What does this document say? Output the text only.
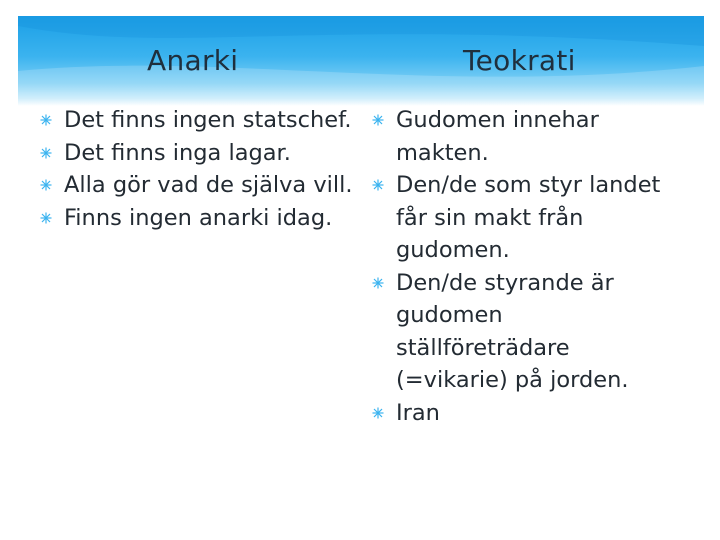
Anarki	Teokrati
Det finns ingen statschef.
Det finns inga lagar.
Alla gör vad de själva vill.
Finns ingen anarki idag.
Gudomen innehar makten.
Den/de som styr landet får sin makt från gudomen.
Den/de styrande är gudomen ställföreträdare (=vikarie) på jorden.
Iran
